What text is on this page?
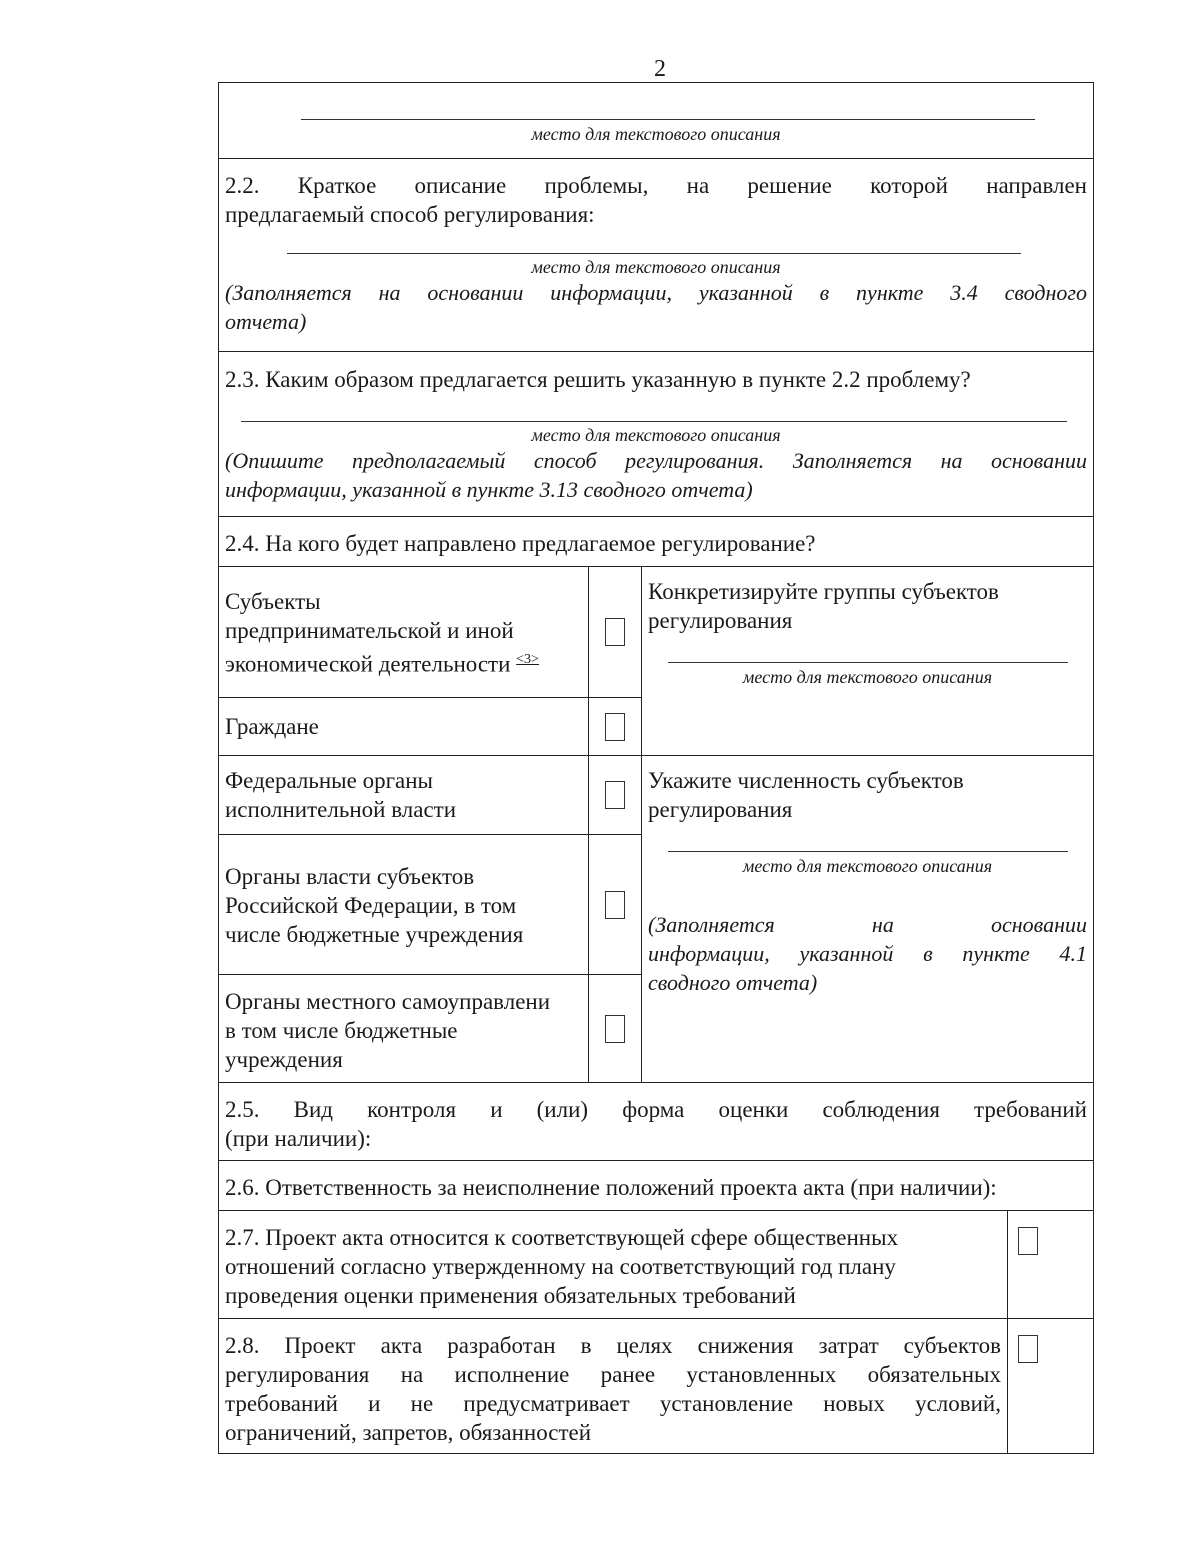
2
место для текстового описания
2.2. Краткое описание проблемы, на решение которой направлен
предлагаемый способ регулирования:
место для текстового описания
(Заполняется на основании информации, указанной в пункте 3.4 сводного
отчета)
2.3. Каким образом предлагается решить указанную в пункте 2.2 проблему?
место для текстового описания
(Опишите предполагаемый способ регулирования. Заполняется на основании
информации, указанной в пункте 3.13 сводного отчета)
2.4. На кого будет направлено предлагаемое регулирование?
Субъекты
предпринимательской и иной
экономической деятельности $^{<3>}$
Конкретизируйте группы субъектов
регулирования
место для текстового описания
Граждане
Федеральные органы
исполнительной власти
Укажите численность субъектов
регулирования
место для текстового описания
(Заполняется на основании
информации, указанной в пункте 4.1
сводного отчета)
Органы власти субъектов
Российской Федерации, в том
числе бюджетные учреждения
Органы местного самоуправлени
в том числе бюджетные
учреждения
2.5. Вид контроля и (или) форма оценки соблюдения требований
(при наличии):
2.6. Ответственность за неисполнение положений проекта акта (при наличии):
2.7. Проект акта относится к соответствующей сфере общественных
отношений согласно утвержденному на соответствующий год плану
проведения оценки применения обязательных требований
2.8. Проект акта разработан в целях снижения затрат субъектов
регулирования на исполнение ранее установленных обязательных
требований и не предусматривает установление новых условий,
ограничений, запретов, обязанностей
